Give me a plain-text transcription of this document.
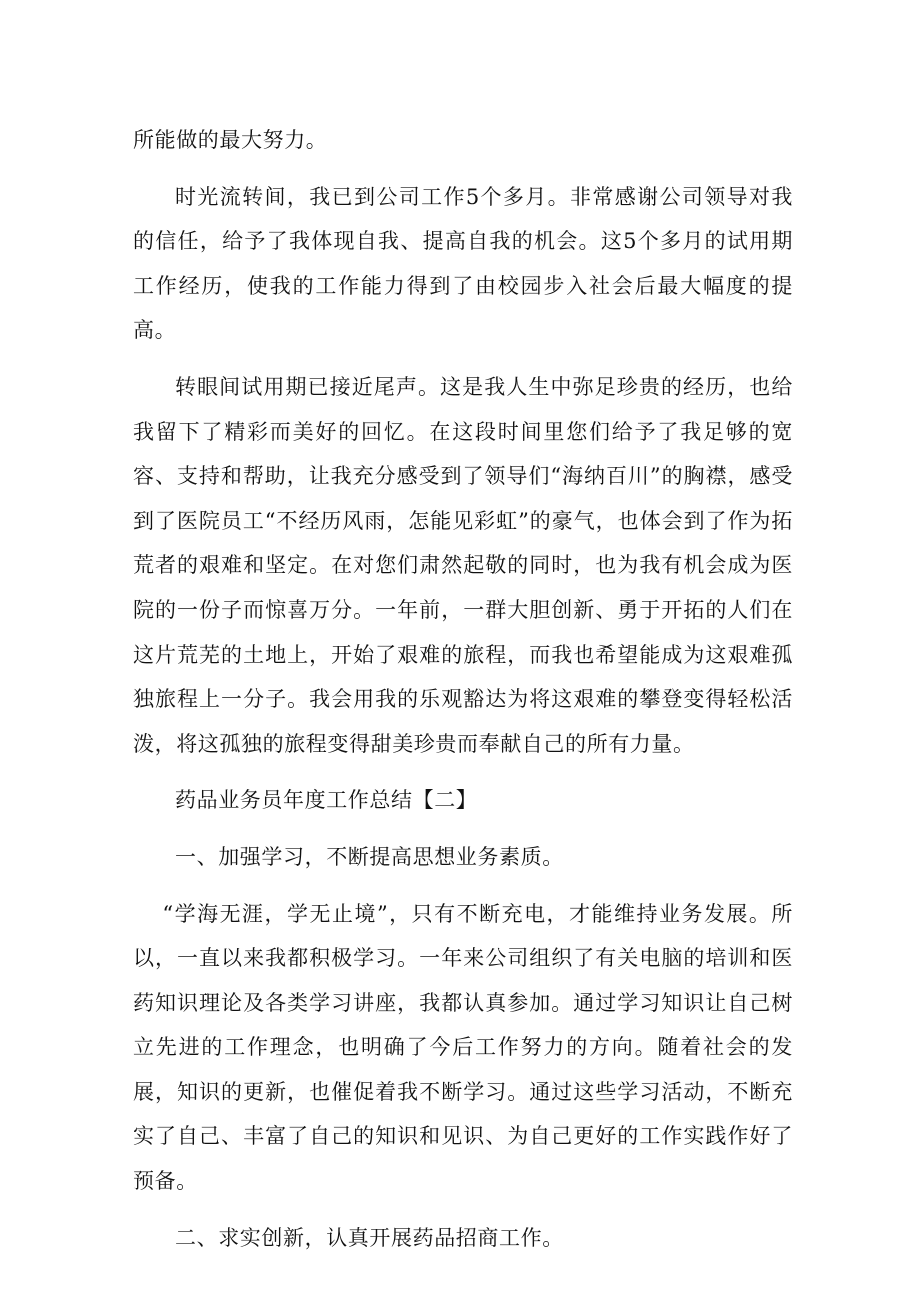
所能做的最大努力。

时光流转间，我已到公司工作5个多月。非常感谢公司领导对我的信任，给予了我体现自我、提高自我的机会。这5个多月的试用期工作经历，使我的工作能力得到了由校园步入社会后最大幅度的提高。

转眼间试用期已接近尾声。这是我人生中弥足珍贵的经历，也给我留下了精彩而美好的回忆。在这段时间里您们给予了我足够的宽容、支持和帮助，让我充分感受到了领导们“海纳百川”的胸襟，感受到了医院员工“不经历风雨，怎能见彩虹”的豪气，也体会到了作为拓荒者的艰难和坚定。在对您们肃然起敬的同时，也为我有机会成为医院的一份子而惊喜万分。一年前，一群大胆创新、勇于开拓的人们在这片荒芜的土地上，开始了艰难的旅程，而我也希望能成为这艰难孤独旅程上一分子。我会用我的乐观豁达为将这艰难的攀登变得轻松活泼，将这孤独的旅程变得甜美珍贵而奉献自己的所有力量。

药品业务员年度工作总结【二】

一、加强学习，不断提高思想业务素质。

“学海无涯，学无止境”，只有不断充电，才能维持业务发展。所以，一直以来我都积极学习。一年来公司组织了有关电脑的培训和医药知识理论及各类学习讲座，我都认真参加。通过学习知识让自己树立先进的工作理念，也明确了今后工作努力的方向。随着社会的发展，知识的更新，也催促着我不断学习。通过这些学习活动，不断充实了自己、丰富了自己的知识和见识、为自己更好的工作实践作好了预备。

二、求实创新，认真开展药品招商工作。
